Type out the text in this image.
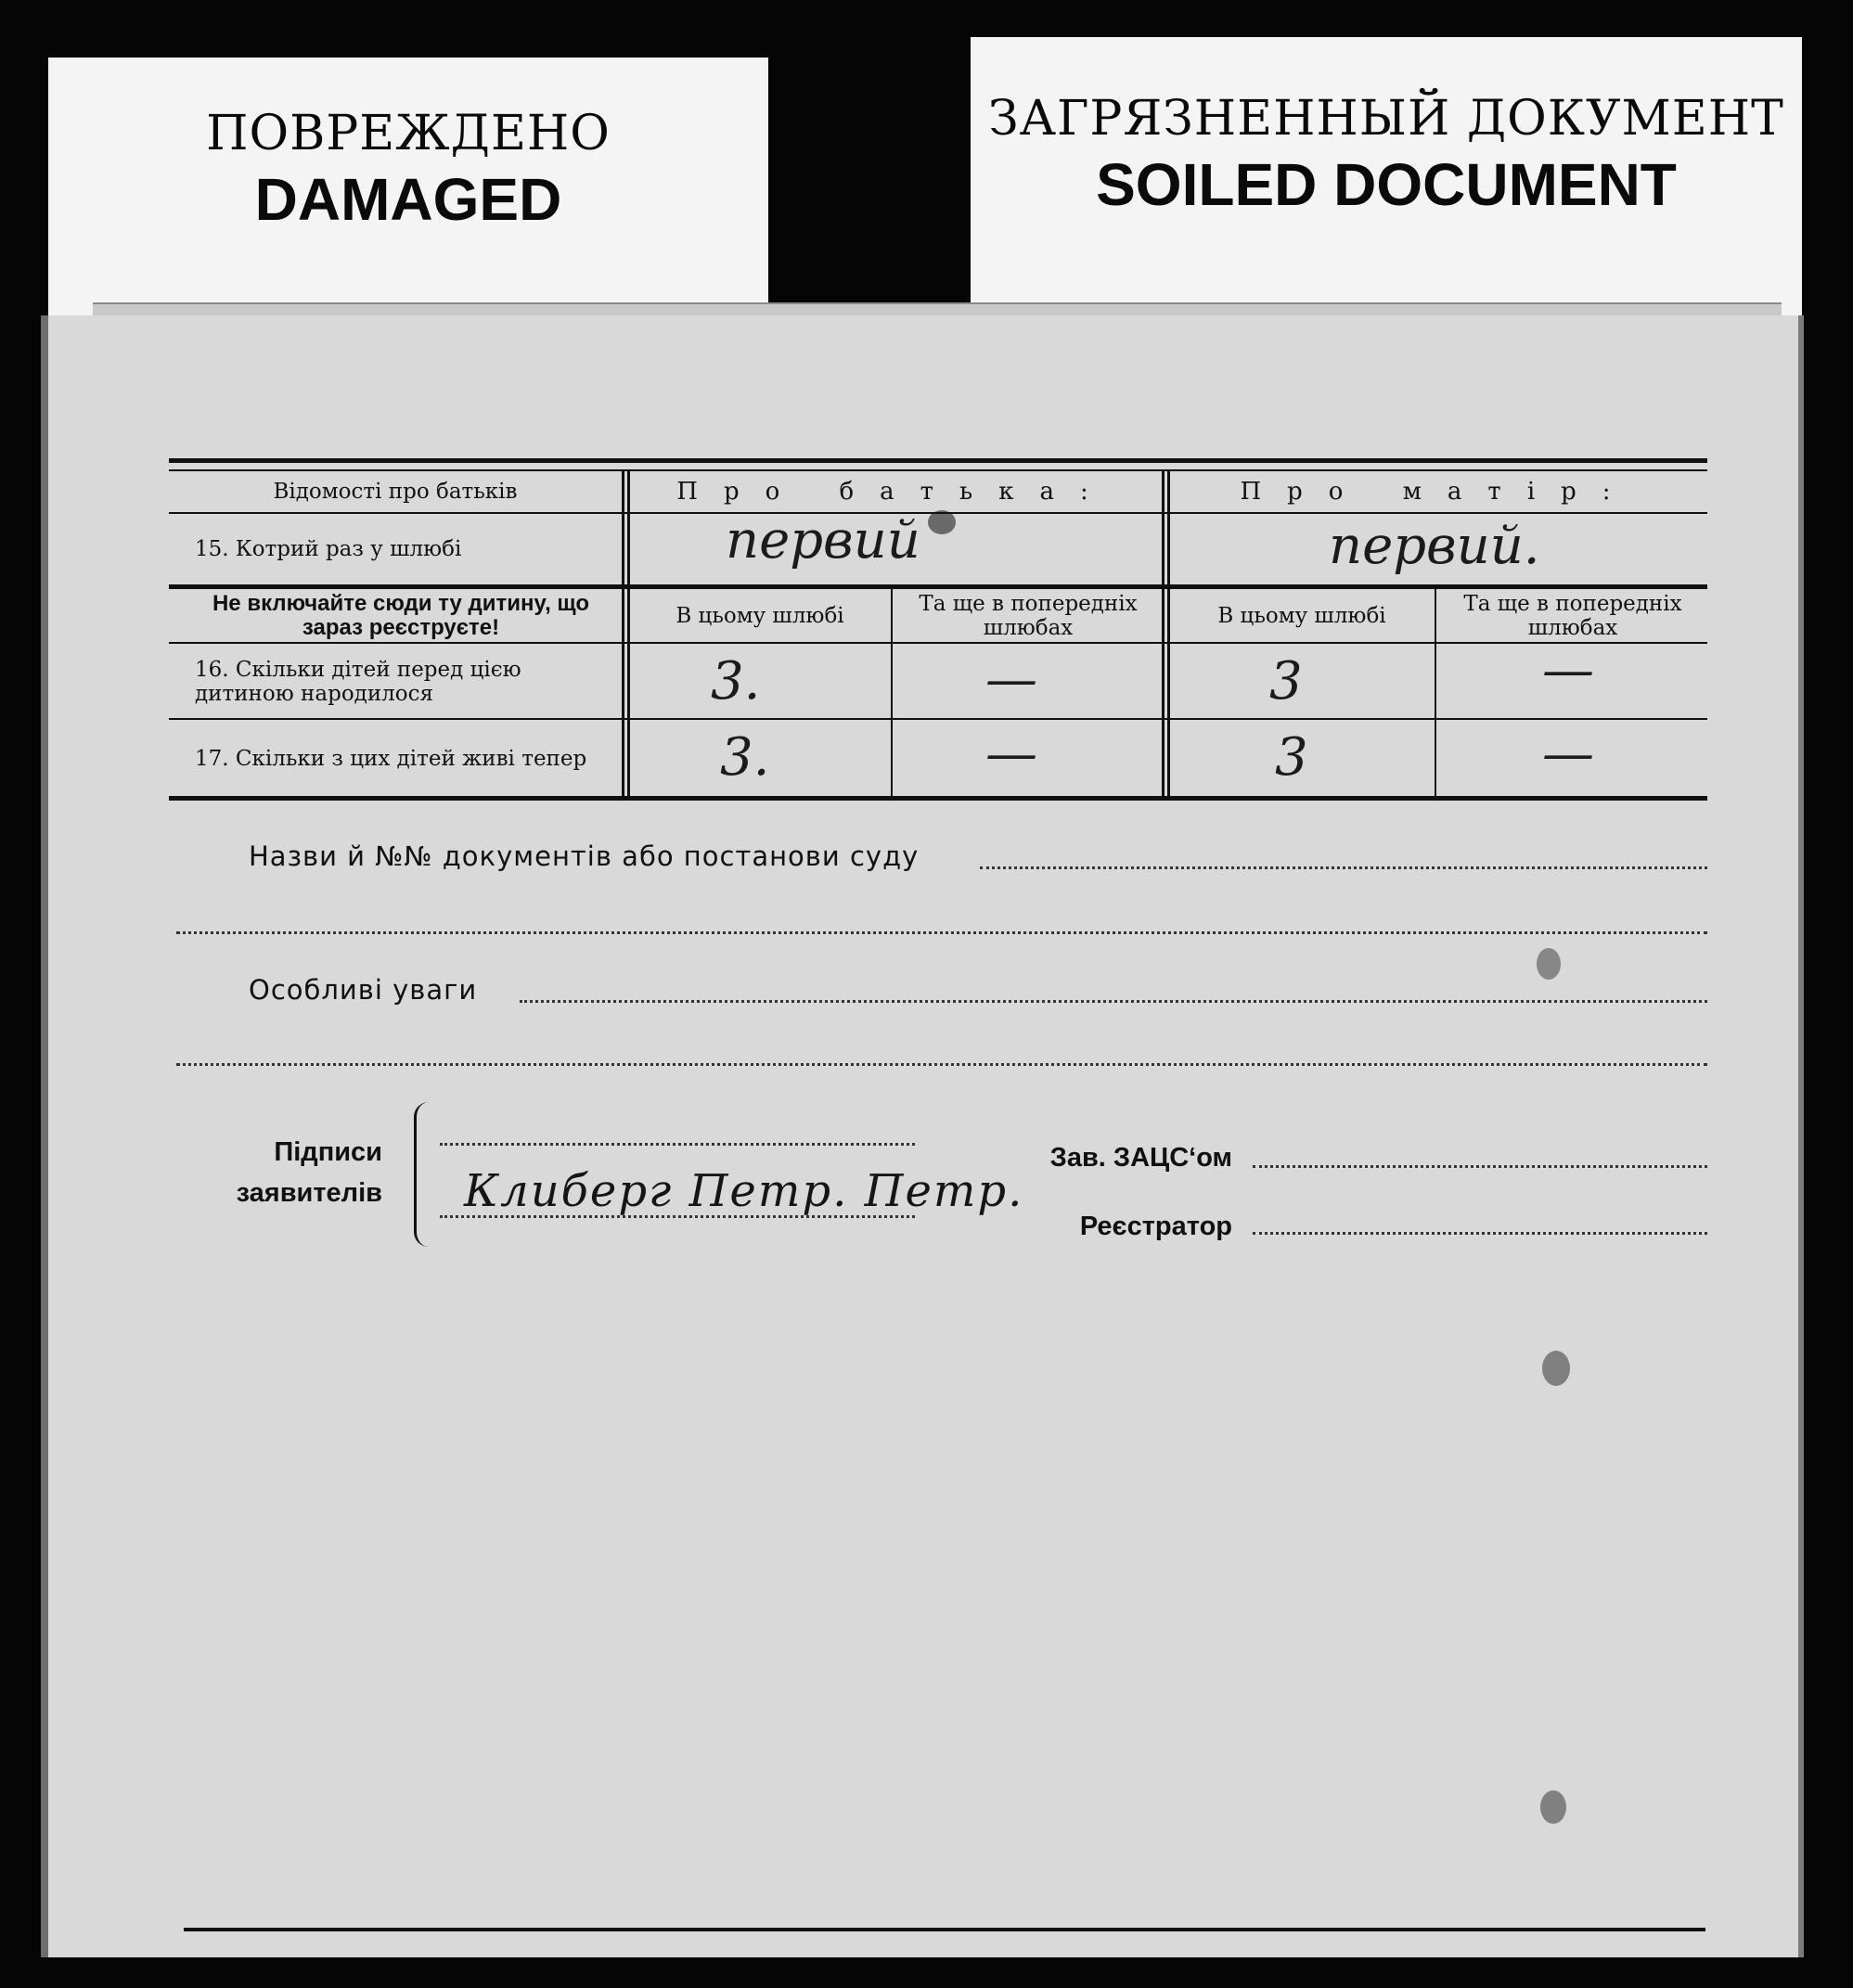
ПОВРЕЖДЕНО
DAMAGED
ЗАГРЯЗНЕННЫЙ ДОКУМЕНТ
SOILED DOCUMENT
Відомості про батьків	Про батька:	Про матір:
15. Котрий раз у шлюбі	первий	первий.
Не включайте сюди ту дитину, що зараз реєструєте!	В цьому шлюбі	Та ще в попередніх шлюбах	В цьому шлюбі	Та ще в попередніх шлюбах
16. Скільки дітей перед цією дитиною народилося	3.	—	3	—
17. Скільки з цих дітей живі тепер	3.	—	3	—
Назви й №№ документів або постанови суду
Особливі уваги
Підписи
заявителів Клиберг Петр. Петр.
Зав. ЗАЦС‘ом
Реєстратор
